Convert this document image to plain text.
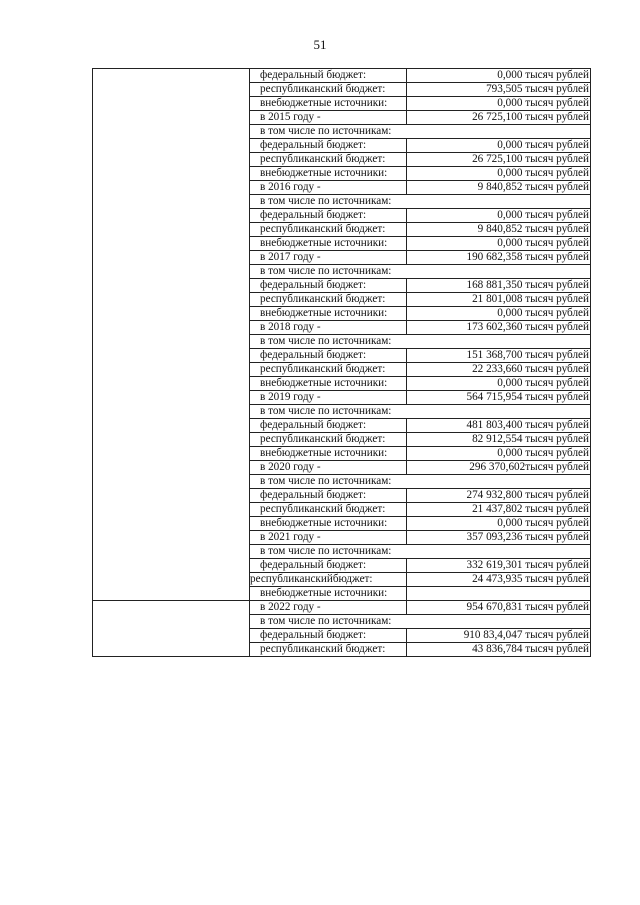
51
	федеральный бюджет:	0,000 тысяч рублей
	республиканский бюджет:	793,505 тысяч рублей
	внебюджетные источники:	0,000 тысяч рублей
	в 2015 году -	26 725,100 тысяч рублей
	в том числе по источникам:	
	федеральный бюджет:	0,000 тысяч рублей
	республиканский бюджет:	26 725,100 тысяч рублей
	внебюджетные источники:	0,000 тысяч рублей
	в 2016 году -	9 840,852 тысяч рублей
	в том числе по источникам:	
	федеральный бюджет:	0,000 тысяч рублей
	республиканский бюджет:	9 840,852 тысяч рублей
	внебюджетные источники:	0,000 тысяч рублей
	в 2017 году -	190 682,358 тысяч рублей
	в том числе по источникам:	
	федеральный бюджет:	168 881,350 тысяч рублей
	республиканский бюджет:	21 801,008 тысяч рублей
	внебюджетные источники:	0,000 тысяч рублей
	в 2018 году -	173 602,360 тысяч рублей
	в том числе по источникам:	
	федеральный бюджет:	151 368,700 тысяч рублей
	республиканский бюджет:	22 233,660 тысяч рублей
	внебюджетные источники:	0,000 тысяч рублей
	в 2019 году -	564 715,954 тысяч рублей
	в том числе по источникам:	
	федеральный бюджет:	481 803,400 тысяч рублей
	республиканский бюджет:	82 912,554 тысяч рублей
	внебюджетные источники:	0,000 тысяч рублей
	в 2020 году -	296 370,602тысяч рублей
	в том числе по источникам:	
	федеральный бюджет:	274 932,800 тысяч рублей
	республиканский бюджет:	21 437,802 тысяч рублей
	внебюджетные источники:	0,000 тысяч рублей
	в 2021 году -	357 093,236 тысяч рублей
	в том числе по источникам:	
	федеральный бюджет:	332 619,301 тысяч рублей
	республиканскийбюджет:	24 473,935 тысяч рублей
	внебюджетные источники:	
	в 2022 году -	954 670,831 тысяч рублей
	в том числе по источникам:	
	федеральный бюджет:	910 83,4,047 тысяч рублей
	республиканский бюджет:	43 836,784 тысяч рублей
